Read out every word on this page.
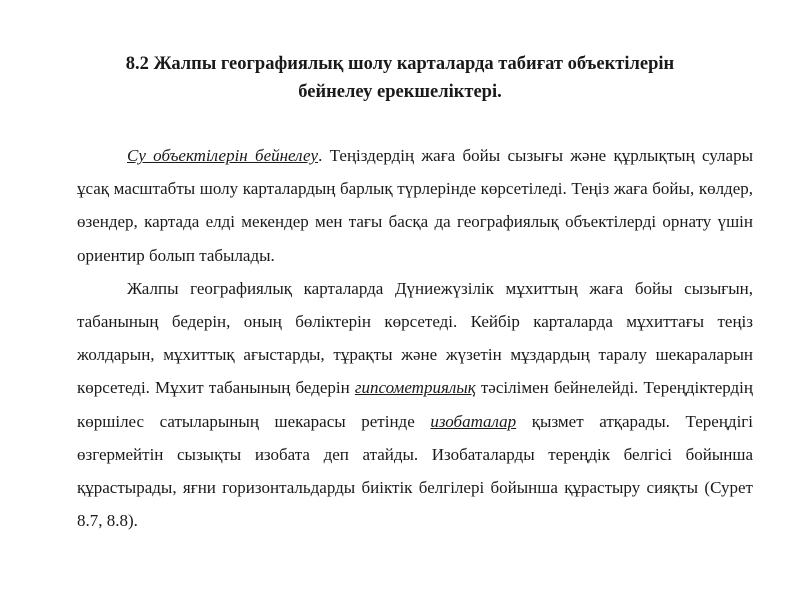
8.2 Жалпы географиялық шолу карталарда табиғат объектілерін
бейнелеу ерекшеліктері.

Су объектілерін бейнелеу. Теңіздердің жаға бойы сызығы және құрлықтың сулары ұсақ масштабты шолу карталардың барлық түрлерінде көрсетіледі. Теңіз жаға бойы, көлдер, өзендер, картада елді мекендер мен тағы басқа да географиялық объектілерді орнату үшін ориентир болып табылады.

Жалпы географиялық карталарда Дүниежүзілік мұхиттың жаға бойы сызығын, табанының бедерін, оның бөліктерін көрсетеді. Кейбір карталарда мұхиттағы теңіз жолдарын, мұхиттық ағыстарды, тұрақты және жүзетін мұздардың таралу шекараларын көрсетеді. Мұхит табанының бедерін гипсометриялық тәсілімен бейнелейді. Тереңдіктердің көршілес сатыларының шекарасы ретінде изобаталар қызмет атқарады. Тереңдігі өзгермейтін сызықты изобата деп атайды. Изобаталарды тереңдік белгісі бойынша құрастырады, яғни горизонтальдарды биіктік белгілері бойынша құрастыру сияқты (Сурет 8.7, 8.8).
